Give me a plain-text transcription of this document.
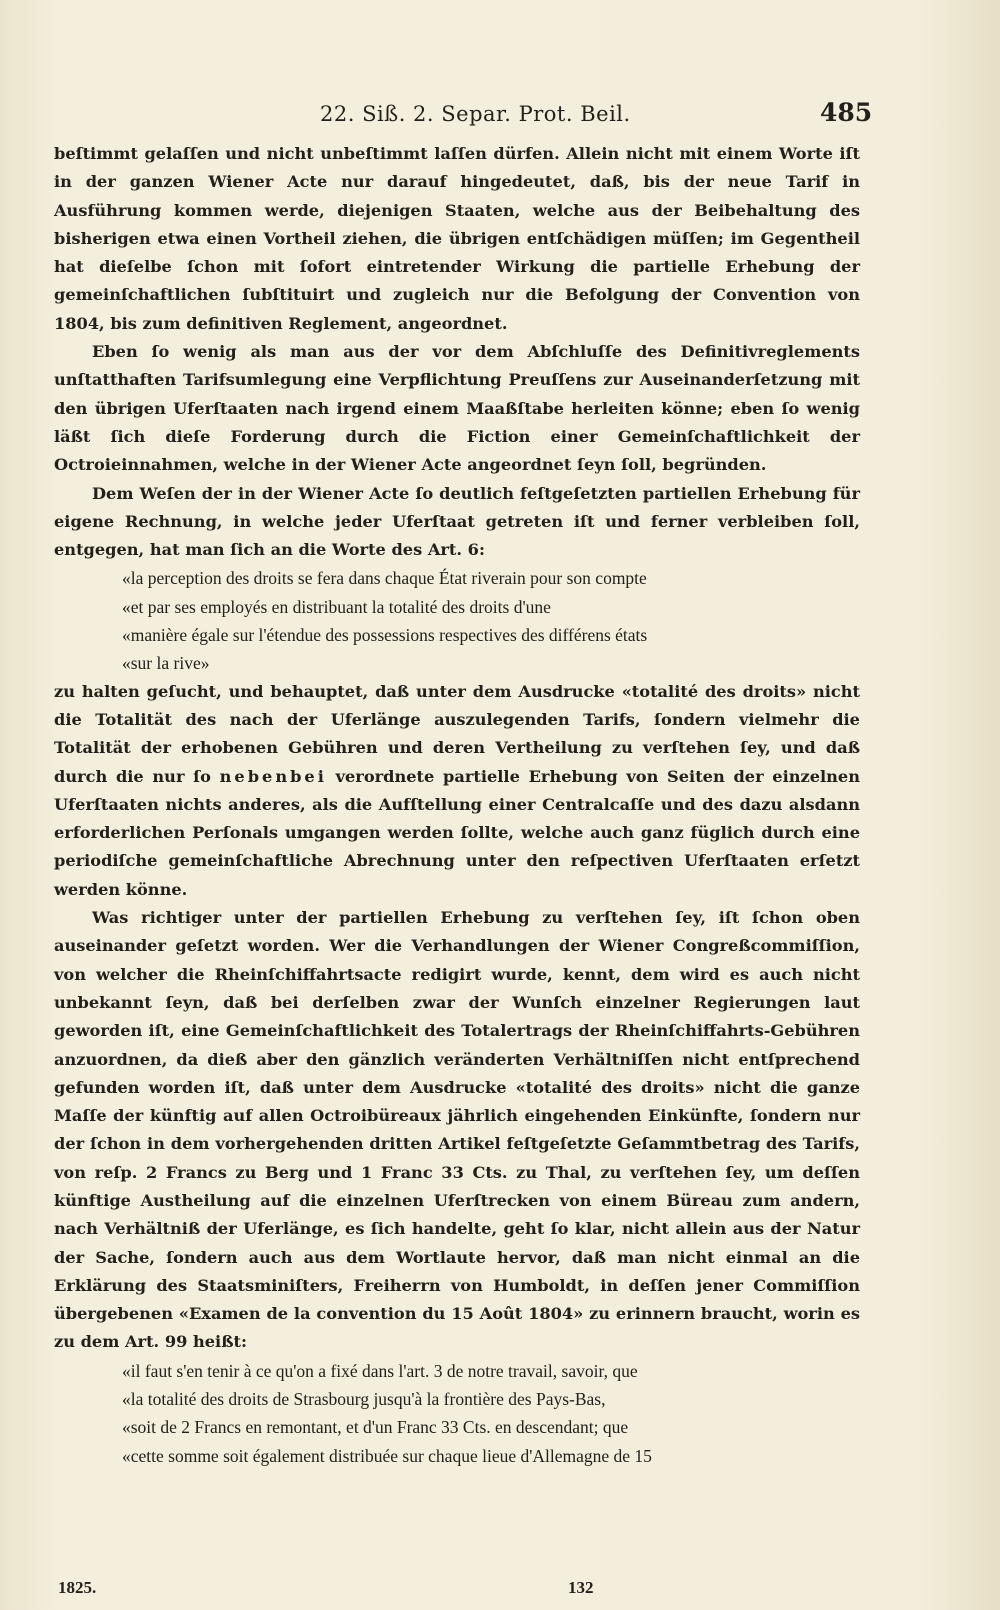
22. Siß. 2. Separ. Prot. Beil.	485

beſtimmt gelaſſen und nicht unbeſtimmt laſſen dürfen. Allein nicht mit einem Worte iſt in der ganzen Wiener Acte nur darauf hingedeutet, daß, bis der neue Tarif in Ausführung kommen werde, diejenigen Staaten, welche aus der Beibehaltung des bisherigen etwa einen Vortheil ziehen, die übrigen entſchädigen müſſen; im Gegentheil hat dieſelbe ſchon mit ſofort eintretender Wirkung die partielle Erhebung der gemeinſchaftlichen ſubſtituirt und zugleich nur die Befolgung der Convention von 1804, bis zum definitiven Reglement, angeordnet.

Eben ſo wenig als man aus der vor dem Abſchluſſe des Definitivreglements unſtatthaften Tarifsumlegung eine Verpflichtung Preuſſens zur Auseinanderſetzung mit den übrigen Uferſtaaten nach irgend einem Maaßſtabe herleiten könne; eben ſo wenig läßt ſich dieſe Forderung durch die Fiction einer Gemeinſchaftlichkeit der Octroieinnahmen, welche in der Wiener Acte angeordnet ſeyn ſoll, begründen.

Dem Weſen der in der Wiener Acte ſo deutlich feſtgeſetzten partiellen Erhebung für eigene Rechnung, in welche jeder Uferſtaat getreten iſt und ferner verbleiben ſoll, entgegen, hat man ſich an die Worte des Art. 6:

«la perception des droits se fera dans chaque État riverain pour son compte
«et par ses employés en distribuant la totalité des droits d'une
«manière égale sur l'étendue des possessions respectives des différens états
«sur la rive»

zu halten geſucht, und behauptet, daß unter dem Ausdrucke «totalité des droits» nicht die Totalität des nach der Uferlänge auszulegenden Tarifs, ſondern vielmehr die Totalität der erhobenen Gebühren und deren Vertheilung zu verſtehen ſey, und daß durch die nur ſo nebenbei verordnete partielle Erhebung von Seiten der einzelnen Uferſtaaten nichts anderes, als die Aufſtellung einer Centralcaſſe und des dazu alsdann erforderlichen Perſonals umgangen werden ſollte, welche auch ganz füglich durch eine periodiſche gemeinſchaftliche Abrechnung unter den reſpectiven Uferſtaaten erſetzt werden könne.

Was richtiger unter der partiellen Erhebung zu verſtehen ſey, iſt ſchon oben auseinander geſetzt worden. Wer die Verhandlungen der Wiener Congreßcommiſſion, von welcher die Rheinſchiffahrtsacte redigirt wurde, kennt, dem wird es auch nicht unbekannt ſeyn, daß bei derſelben zwar der Wunſch einzelner Regierungen laut geworden iſt, eine Gemeinſchaftlichkeit des Totalertrags der Rheinſchiffahrts-Gebühren anzuordnen, da dieß aber den gänzlich veränderten Verhältniſſen nicht entſprechend gefunden worden iſt, daß unter dem Ausdrucke «totalité des droits» nicht die ganze Maſſe der künftig auf allen Octroibüreaux jährlich eingehenden Einkünfte, ſondern nur der ſchon in dem vorhergehenden dritten Artikel feſtgeſetzte Geſammtbetrag des Tarifs, von reſp. 2 Francs zu Berg und 1 Franc 33 Cts. zu Thal, zu verſtehen ſey, um deſſen künftige Austheilung auf die einzelnen Uferſtrecken von einem Büreau zum andern, nach Verhältniß der Uferlänge, es ſich handelte, geht ſo klar, nicht allein aus der Natur der Sache, ſondern auch aus dem Wortlaute hervor, daß man nicht einmal an die Erklärung des Staatsminiſters, Freiherrn von Humboldt, in deſſen jener Commiſſion übergebenen «Examen de la convention du 15 Août 1804» zu erinnern braucht, worin es zu dem Art. 99 heißt:

«il faut s'en tenir à ce qu'on a fixé dans l'art. 3 de notre travail, savoir, que
«la totalité des droits de Strasbourg jusqu'à la frontière des Pays-Bas,
«soit de 2 Francs en remontant, et d'un Franc 33 Cts. en descendant; que
«cette somme soit également distribuée sur chaque lieue d'Allemagne de 15
1825.	132
